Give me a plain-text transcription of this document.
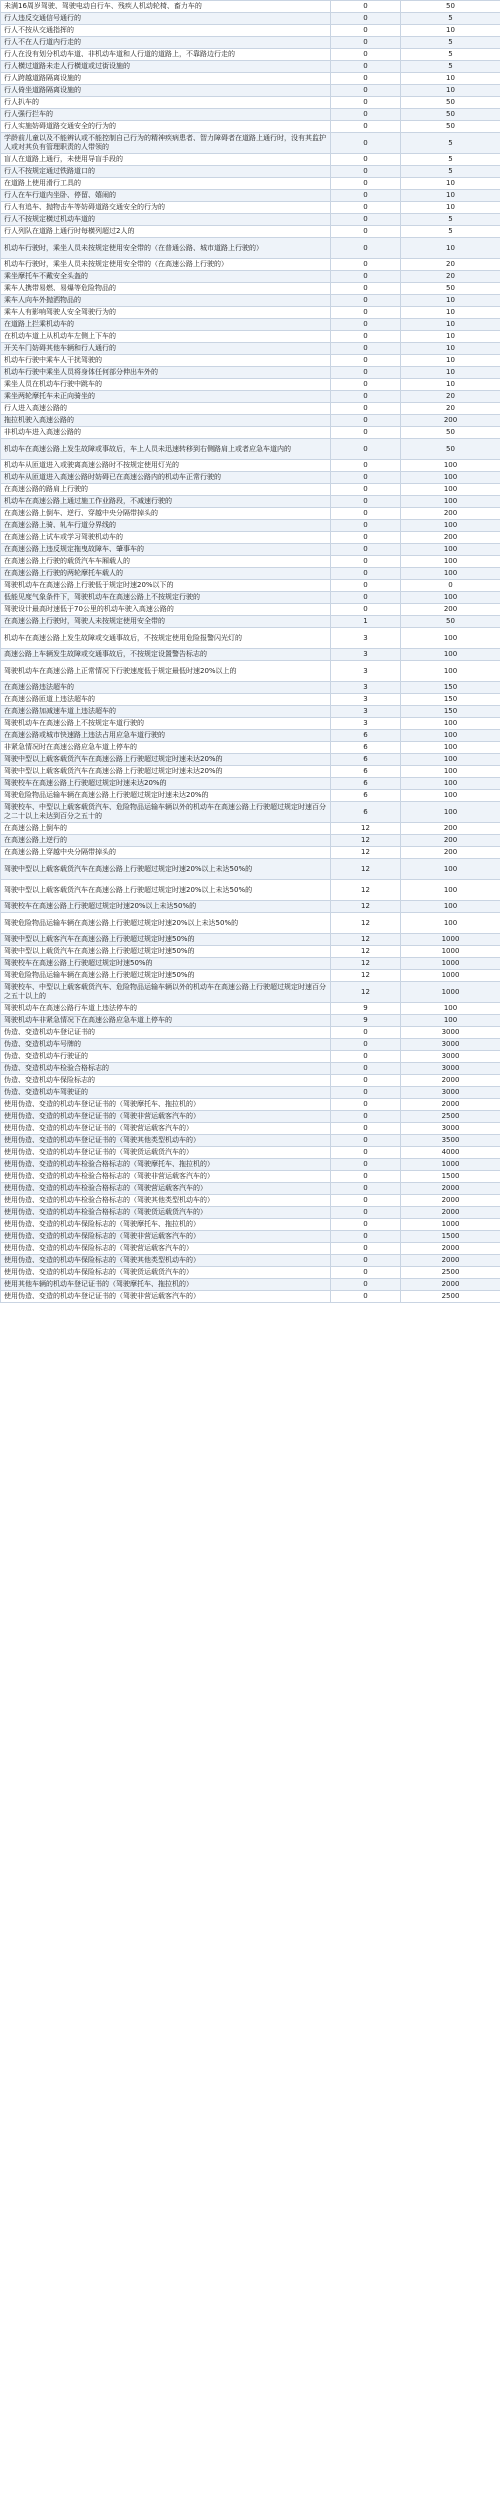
未满16周岁驾驶、驾驶电动自行车、残疾人机动轮椅、畜力车的	0	50
行人违反交通信号通行的	0	5
行人不按从交通指挥的	0	10
行人不在人行道内行走的	0	5
行人在没有划分机动车道、非机动车道和人行道的道路上，不靠路边行走的	0	5
行人横过道路未走人行横道或过街设施的	0	5
行人跨越道路隔离设施的	0	10
行人倚坐道路隔离设施的	0	10
行人扒车的	0	50
行人强行拦车的	0	50
行人实施妨碍道路交通安全的行为的	0	50
学龄前儿童以及不能辨认或不能控制自己行为的精神疾病患者、智力障碍者在道路上通行时，没有其监护人或对其负有管理职责的人带领的	0	5
盲人在道路上通行，未使用导盲手段的	0	5
行人不按规定通过铁路道口的	0	5
在道路上使用滑行工具的	0	10
行人在车行道内坐卧、停留、嬉闹的	0	10
行人有追车、抛物击车等妨碍道路交通安全的行为的	0	10
行人不按规定横过机动车道的	0	5
行人列队在道路上通行时每横列超过2人的	0	5
机动车行驶时，乘坐人员未按规定使用安全带的（在普通公路、城市道路上行驶的）	0	10
机动车行驶时，乘坐人员未按规定使用安全带的（在高速公路上行驶的）	0	20
乘坐摩托车不戴安全头盔的	0	20
乘车人携带易燃、易爆等危险物品的	0	50
乘车人向车外抛洒物品的	0	10
乘车人有影响驾驶人安全驾驶行为的	0	10
在道路上拦乘机动车的	0	10
在机动车道上从机动车左侧上下车的	0	10
开关车门妨碍其他车辆和行人通行的	0	10
机动车行驶中乘车人干扰驾驶的	0	10
机动车行驶中乘坐人员将身体任何部分伸出车外的	0	10
乘坐人员在机动车行驶中跳车的	0	10
乘坐两轮摩托车未正向骑坐的	0	20
行人进入高速公路的	0	20
拖拉机驶入高速公路的	0	200
非机动车进入高速公路的	0	50
机动车在高速公路上发生故障或事故后，车上人员未迅速转移到右侧路肩上或者应急车道内的	0	50
机动车从匝道进入或驶离高速公路时不按规定使用灯光的	0	100
机动车从匝道进入高速公路时妨碍已在高速公路内的机动车正常行驶的	0	100
在高速公路的路肩上行驶的	0	100
机动车在高速公路上通过施工作业路段，不减速行驶的	0	100
在高速公路上倒车、逆行、穿越中央分隔带掉头的	0	200
在高速公路上骑、轧车行道分界线的	0	100
在高速公路上试车或学习驾驶机动车的	0	200
在高速公路上违反规定拖曳故障车、肇事车的	0	100
在高速公路上行驶的载货汽车车厢载人的	0	100
在高速公路上行驶的两轮摩托车载人的	0	100
驾驶机动车在高速公路上行驶低于规定时速20%以下的	0	0
低能见度气象条件下，驾驶机动车在高速公路上不按规定行驶的	0	100
驾驶设计最高时速低于70公里的机动车驶入高速公路的	0	200
在高速公路上行驶时，驾驶人未按规定使用安全带的	1	50
机动车在高速公路上发生故障或交通事故后，不按规定使用危险报警闪光灯的	3	100
高速公路上车辆发生故障或交通事故后，不按规定设置警告标志的	3	100
驾驶机动车在高速公路上正常情况下行驶速度低于规定最低时速20%以上的	3	100
在高速公路违法超车的	3	150
在高速公路匝道上违法超车的	3	150
在高速公路加减速车道上违法超车的	3	150
驾驶机动车在高速公路上不按规定车道行驶的	3	100
在高速公路或城市快速路上违法占用应急车道行驶的	6	100
非紧急情况时在高速公路应急车道上停车的	6	100
驾驶中型以上载客载货汽车在高速公路上行驶超过规定时速未达20%的	6	100
驾驶中型以上载客载货汽车在高速公路上行驶超过规定时速未达20%的	6	100
驾驶校车在高速公路上行驶超过规定时速未达20%的	6	100
驾驶危险物品运输车辆在高速公路上行驶超过规定时速未达20%的	6	100
驾驶校车、中型以上载客载货汽车、危险物品运输车辆以外的机动车在高速公路上行驶超过规定时速百分之二十以上未达到百分之五十的	6	100
在高速公路上倒车的	12	200
在高速公路上逆行的	12	200
在高速公路上穿越中央分隔带掉头的	12	200
驾驶中型以上载客载货汽车在高速公路上行驶超过规定时速20%以上未达50%的	12	100
驾驶中型以上载客载货汽车在高速公路上行驶超过规定时速20%以上未达50%的	12	100
驾驶校车在高速公路上行驶超过规定时速20%以上未达50%的	12	100
驾驶危险物品运输车辆在高速公路上行驶超过规定时速20%以上未达50%的	12	100
驾驶中型以上载客汽车在高速公路上行驶超过规定时速50%的	12	1000
驾驶中型以上载货汽车在高速公路上行驶超过规定时速50%的	12	1000
驾驶校车在高速公路上行驶超过规定时速50%的	12	1000
驾驶危险物品运输车辆在高速公路上行驶超过规定时速50%的	12	1000
驾驶校车、中型以上载客载货汽车、危险物品运输车辆以外的机动车在高速公路上行驶超过规定时速百分之五十以上的	12	1000
驾驶机动车在高速公路行车道上违法停车的	9	100
驾驶机动车非紧急情况下在高速公路应急车道上停车的	9	100
伪造、变造机动车登记证书的	0	3000
伪造、变造机动车号牌的	0	3000
伪造、变造机动车行驶证的	0	3000
伪造、变造机动车检验合格标志的	0	3000
伪造、变造机动车保险标志的	0	2000
伪造、变造机动车驾驶证的	0	3000
使用伪造、变造的机动车登记证书的（驾驶摩托车、拖拉机的）	0	2000
使用伪造、变造的机动车登记证书的（驾驶非营运载客汽车的）	0	2500
使用伪造、变造的机动车登记证书的（驾驶营运载客汽车的）	0	3000
使用伪造、变造的机动车登记证书的（驾驶其他类型机动车的）	0	3500
使用伪造、变造的机动车登记证书的（驾驶货运载货汽车的）	0	4000
使用伪造、变造的机动车检验合格标志的（驾驶摩托车、拖拉机的）	0	1000
使用伪造、变造的机动车检验合格标志的（驾驶非营运载客汽车的）	0	1500
使用伪造、变造的机动车检验合格标志的（驾驶营运载客汽车的）	0	2000
使用伪造、变造的机动车检验合格标志的（驾驶其他类型机动车的）	0	2000
使用伪造、变造的机动车检验合格标志的（驾驶货运载货汽车的）	0	2000
使用伪造、变造的机动车保险标志的（驾驶摩托车、拖拉机的）	0	1000
使用伪造、变造的机动车保险标志的（驾驶非营运载客汽车的）	0	1500
使用伪造、变造的机动车保险标志的（驾驶营运载客汽车的）	0	2000
使用伪造、变造的机动车保险标志的（驾驶其他类型机动车的）	0	2000
使用伪造、变造的机动车保险标志的（驾驶货运载货汽车的）	0	2500
使用其他车辆的机动车登记证书的（驾驶摩托车、拖拉机的）	0	2000
使用伪造、变造的机动车登记证书的（驾驶非营运载客汽车的）	0	2500
